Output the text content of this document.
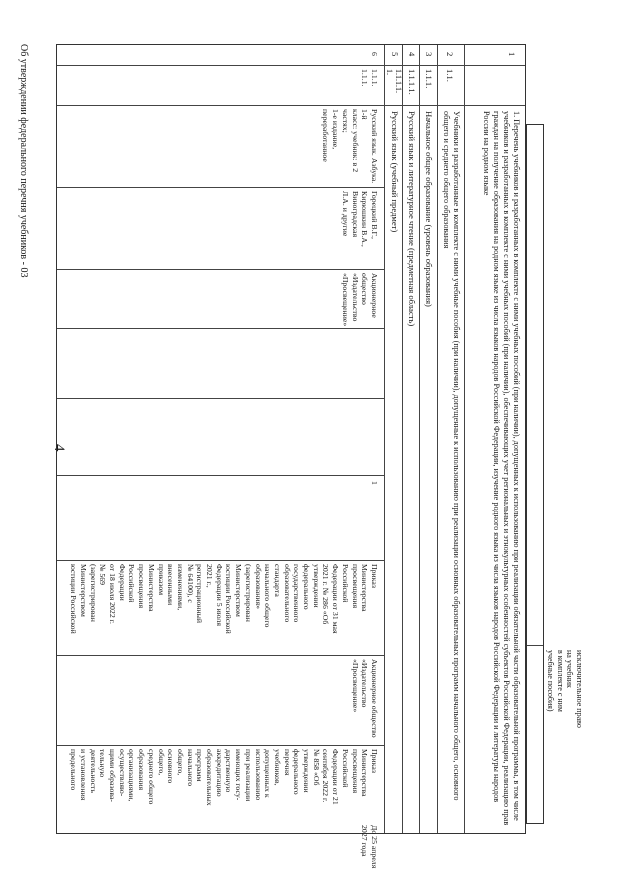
4
исключительное право
на учебник
в комплекте с ним
учебные пособия)
1
1. Перечень учебников и разработанных в комплекте с ними учебных пособий (при наличии), допущенных к использованию при реализации обязательной части образовательной программы, в том числе учебников и разработанных в комплекте с ними учебных пособий (при наличии), обеспечивающих учет региональных и этнокультурных особенностей субъектов Российской Федерации, реализацию прав граждан на получение образования на родном языке из числа языков народов Российской Федерации, изучение родного языка из числа языков народов Российской Федерации и литературы народов России на родном языке
2
1.1.
Учебники и разработанные в комплекте с ними учебные пособия (при наличии), допущенные к использованию при реализации основных образовательных программ начального общего, основного общего и среднего общего образования
3
1.1.1.
Начальное общее образование (уровень образования)
4
1.1.1.1.
Русский язык и литературное чтение (предметная область)
5
1.1.1.1.
1.
Русский язык (учебный предмет)
6
1.1.1.
1.1.1.
Русский язык. Азбука. 1-й
класс: учебник: в 2 частях;
1-е издание, переработанное
Горецкий В.Г.,
Кирюшкин В.А.,
Виноградская
Л.А. и другие
Акционерное
общество
«Издательство
«Просвещение»
1
Приказ
Министерства
просвещения
Российской
Федерации от 31 мая
2021 г. № 286 «Об
утверждении
федерального
государственного
образовательного
стандарта
начального общего
образования»
(зарегистрирован
Министерством
юстиции Российской
Федерации 5 июля
2021 г.,
регистрационный
№ 64100), с
изменениями,
внесенными
приказом
Министерства
просвещения
Российской
Федерации
от 18 июля 2022 г.
№ 569
(зарегистрирован
Министерством
юстиции Российской
Акционерное общество
«Издательство
«Просвещение»
Приказ
Министерства
просвещения
Российской
Федерации от 21
сентября 2022 г.
№ 858 «Об
утверждении
федерального
перечня
учебников,
допущенных к
использованию
при реализации
имеющих госу-
дарственную
аккредитацию
образовательных
программ
начального
общего,
основного
общего,
среднего общего
образования
организациями,
осуществляю-
щими образова-
тельную
деятельность
и установления
предельного
До 25 апреля
2027 года
Об утверждении федерального перечня учебников - 03
